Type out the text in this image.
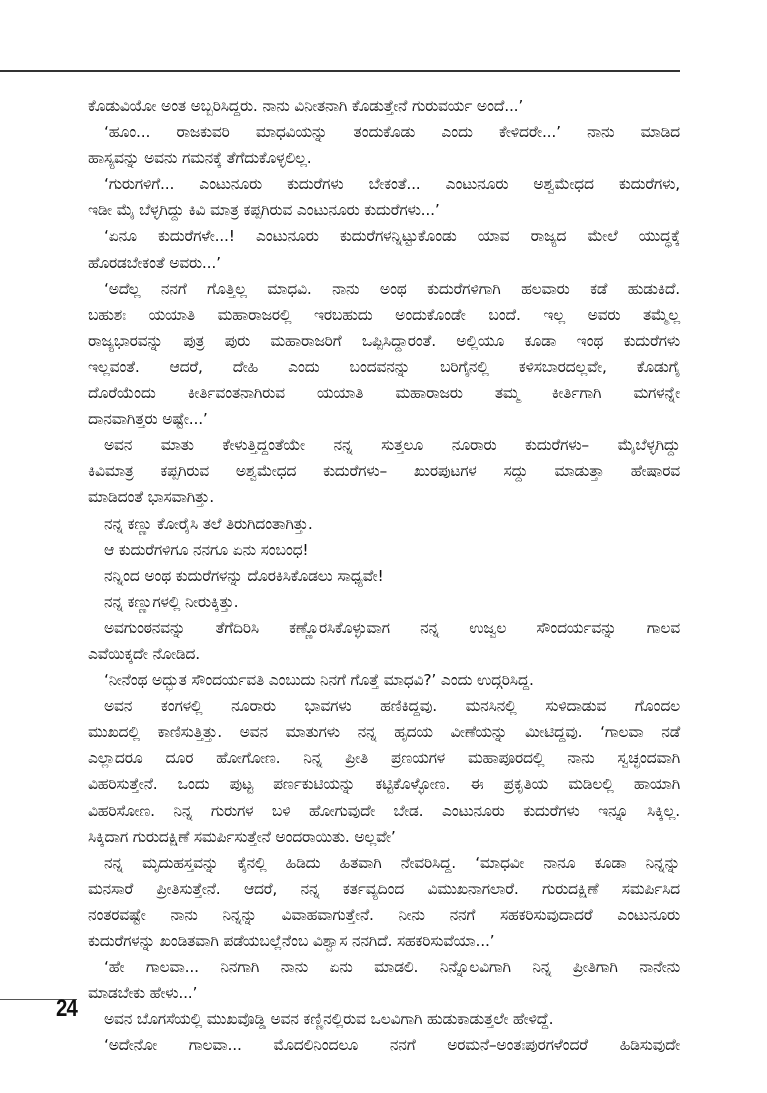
ಕೊಡುವಿಯೋ ಅಂತ ಅಬ್ಬರಿಸಿದ್ದರು. ನಾನು ವಿನೀತನಾಗಿ ಕೊಡುತ್ತೇನೆ ಗುರುವರ್ಯ ಅಂದೆ...’
‘ಹೂಂ... ರಾಜಕುವರಿ ಮಾಧವಿಯನ್ನು ತಂದುಕೊಡು ಎಂದು ಕೇಳಿದರೇ...’ ನಾನು ಮಾಡಿದ
ಹಾಸ್ಯವನ್ನು ಅವನು ಗಮನಕ್ಕೆ ತೆಗೆದುಕೊಳ್ಳಲಿಲ್ಲ.
‘ಗುರುಗಳಿಗೆ... ಎಂಟುನೂರು ಕುದುರೆಗಳು ಬೇಕಂತೆ... ಎಂಟುನೂರು ಅಶ್ವಮೇಧದ ಕುದುರೆಗಳು,
ಇಡೀ ಮೈ ಬೆಳ್ಳಗಿದ್ದು ಕಿವಿ ಮಾತ್ರ ಕಪ್ಪಗಿರುವ ಎಂಟುನೂರು ಕುದುರೆಗಳು...’
‘ಏನೂ ಕುದುರೆಗಳೇ...! ಎಂಟುನೂರು ಕುದುರೆಗಳನ್ನಿಟ್ಟುಕೊಂಡು ಯಾವ ರಾಜ್ಯದ ಮೇಲೆ ಯುದ್ಧಕ್ಕೆ
ಹೊರಡಬೇಕಂತೆ ಅವರು...’
‘ಅದೆಲ್ಲ ನನಗೆ ಗೊತ್ತಿಲ್ಲ ಮಾಧವಿ. ನಾನು ಅಂಥ ಕುದುರೆಗಳಿಗಾಗಿ ಹಲವಾರು ಕಡೆ ಹುಡುಕಿದೆ.
ಬಹುಶಃ ಯಯಾತಿ ಮಹಾರಾಜರಲ್ಲಿ ಇರಬಹುದು ಅಂದುಕೊಂಡೇ ಬಂದೆ. ಇಲ್ಲ ಅವರು ತಮ್ಮೆಲ್ಲ
ರಾಜ್ಯಭಾರವನ್ನು ಪುತ್ರ ಪುರು ಮಹಾರಾಜರಿಗೆ ಒಪ್ಪಿಸಿದ್ದಾರಂತೆ. ಅಲ್ಲಿಯೂ ಕೂಡಾ ಇಂಥ ಕುದುರೆಗಳು
ಇಲ್ಲವಂತೆ. ಆದರೆ, ದೇಹಿ ಎಂದು ಬಂದವನನ್ನು ಬರಿಗೈನಲ್ಲಿ ಕಳಿಸಬಾರದಲ್ಲವೇ, ಕೊಡುಗೈ
ದೊರೆಯೆಂದು ಕೀರ್ತಿವಂತನಾಗಿರುವ ಯಯಾತಿ ಮಹಾರಾಜರು ತಮ್ಮ ಕೀರ್ತಿಗಾಗಿ ಮಗಳನ್ನೇ
ದಾನವಾಗಿತ್ತರು ಅಷ್ಟೇ...’
ಅವನ ಮಾತು ಕೇಳುತ್ತಿದ್ದಂತೆಯೇ ನನ್ನ ಸುತ್ತಲೂ ನೂರಾರು ಕುದುರೆಗಳು– ಮೈಬೆಳ್ಳಗಿದ್ದು
ಕಿವಿಮಾತ್ರ ಕಪ್ಪಗಿರುವ ಅಶ್ವಮೇಧದ ಕುದುರೆಗಳು– ಖುರಪುಟಗಳ ಸದ್ದು ಮಾಡುತ್ತಾ ಹೇಷಾರವ
ಮಾಡಿದಂತೆ ಭಾಸವಾಗಿತ್ತು.
ನನ್ನ ಕಣ್ಣು ಕೋರೈಸಿ ತಲೆ ತಿರುಗಿದಂತಾಗಿತ್ತು.
ಆ ಕುದುರೆಗಳಿಗೂ ನನಗೂ ಏನು ಸಂಬಂಧ!
ನನ್ನಿಂದ ಅಂಥ ಕುದುರೆಗಳನ್ನು ದೊರಕಿಸಿಕೊಡಲು ಸಾಧ್ಯವೇ!
ನನ್ನ ಕಣ್ಣುಗಳಲ್ಲಿ ನೀರುಕ್ಕಿತ್ತು.
ಅವಗುಂಠನವನ್ನು ತೆಗೆದಿರಿಸಿ ಕಣ್ಣೊರಸಿಕೊಳ್ಳುವಾಗ ನನ್ನ ಉಜ್ವಲ ಸೌಂದರ್ಯವನ್ನು ಗಾಲವ
ಎವೆಯಿಕ್ಕದೇ ನೋಡಿದ.
‘ನೀನೆಂಥ ಅದ್ಭುತ ಸೌಂದರ್ಯವತಿ ಎಂಬುದು ನಿನಗೆ ಗೊತ್ತೆ ಮಾಧವಿ?’ ಎಂದು ಉದ್ಗರಿಸಿದ್ದ.
ಅವನ ಕಂಗಳಲ್ಲಿ ನೂರಾರು ಭಾವಗಳು ಹಣಿಕಿದ್ದವು. ಮನಸಿನಲ್ಲಿ ಸುಳಿದಾಡುವ ಗೊಂದಲ
ಮುಖದಲ್ಲಿ ಕಾಣಿಸುತ್ತಿತ್ತು. ಅವನ ಮಾತುಗಳು ನನ್ನ ಹೃದಯ ವೀಣೆಯನ್ನು ಮೀಟಿದ್ದವು. ‘ಗಾಲವಾ ನಡೆ
ಎಲ್ಲಾದರೂ ದೂರ ಹೋಗೋಣ. ನಿನ್ನ ಪ್ರೀತಿ ಪ್ರಣಯಗಳ ಮಹಾಪೂರದಲ್ಲಿ ನಾನು ಸ್ವಚ್ಛಂದವಾಗಿ
ವಿಹರಿಸುತ್ತೇನೆ. ಒಂದು ಪುಟ್ಟ ಪರ್ಣಕುಟಿಯನ್ನು ಕಟ್ಟಿಕೊಳ್ಳೋಣ. ಈ ಪ್ರಕೃತಿಯ ಮಡಿಲಲ್ಲಿ ಹಾಯಾಗಿ
ವಿಹರಿಸೋಣ. ನಿನ್ನ ಗುರುಗಳ ಬಳಿ ಹೋಗುವುದೇ ಬೇಡ. ಎಂಟುನೂರು ಕುದುರೆಗಳು ಇನ್ನೂ ಸಿಕ್ಕಿಲ್ಲ.
ಸಿಕ್ಕಿದಾಗ ಗುರುದಕ್ಷಿಣೆ ಸಮರ್ಪಿಸುತ್ತೇನೆ ಅಂದರಾಯಿತು. ಅಲ್ಲವೇ’
ನನ್ನ ಮೃದುಹಸ್ತವನ್ನು ಕೈನಲ್ಲಿ ಹಿಡಿದು ಹಿತವಾಗಿ ನೇವರಿಸಿದ್ದ. ‘ಮಾಧವೀ ನಾನೂ ಕೂಡಾ ನಿನ್ನನ್ನು
ಮನಸಾರೆ ಪ್ರೀತಿಸುತ್ತೇನೆ. ಆದರೆ, ನನ್ನ ಕರ್ತವ್ಯದಿಂದ ವಿಮುಖನಾಗಲಾರೆ. ಗುರುದಕ್ಷಿಣೆ ಸಮರ್ಪಿಸಿದ
ನಂತರವಷ್ಟೇ ನಾನು ನಿನ್ನನ್ನು ವಿವಾಹವಾಗುತ್ತೇನೆ. ನೀನು ನನಗೆ ಸಹಕರಿಸುವುದಾದರೆ ಎಂಟುನೂರು
ಕುದುರೆಗಳನ್ನು ಖಂಡಿತವಾಗಿ ಪಡೆಯಬಲ್ಲೆನೆಂಬ ವಿಶ್ವಾಸ ನನಗಿದೆ. ಸಹಕರಿಸುವೆಯಾ...’
‘ಹೇ ಗಾಲವಾ... ನಿನಗಾಗಿ ನಾನು ಏನು ಮಾಡಲಿ. ನಿನ್ನೊಲವಿಗಾಗಿ ನಿನ್ನ ಪ್ರೀತಿಗಾಗಿ ನಾನೇನು
ಮಾಡಬೇಕು ಹೇಳು...’
ಅವನ ಬೊಗಸೆಯಲ್ಲಿ ಮುಖವೊಡ್ಡಿ ಅವನ ಕಣ್ಣಿನಲ್ಲಿರುವ ಒಲವಿಗಾಗಿ ಹುಡುಕಾಡುತ್ತಲೇ ಹೇಳಿದ್ದೆ.
‘ಅದೇನೋ ಗಾಲವಾ... ಮೊದಲಿನಿಂದಲೂ ನನಗೆ ಅರಮನೆ–ಅಂತಃಪುರಗಳೆಂದರೆ ಹಿಡಿಸುವುದೇ
24
